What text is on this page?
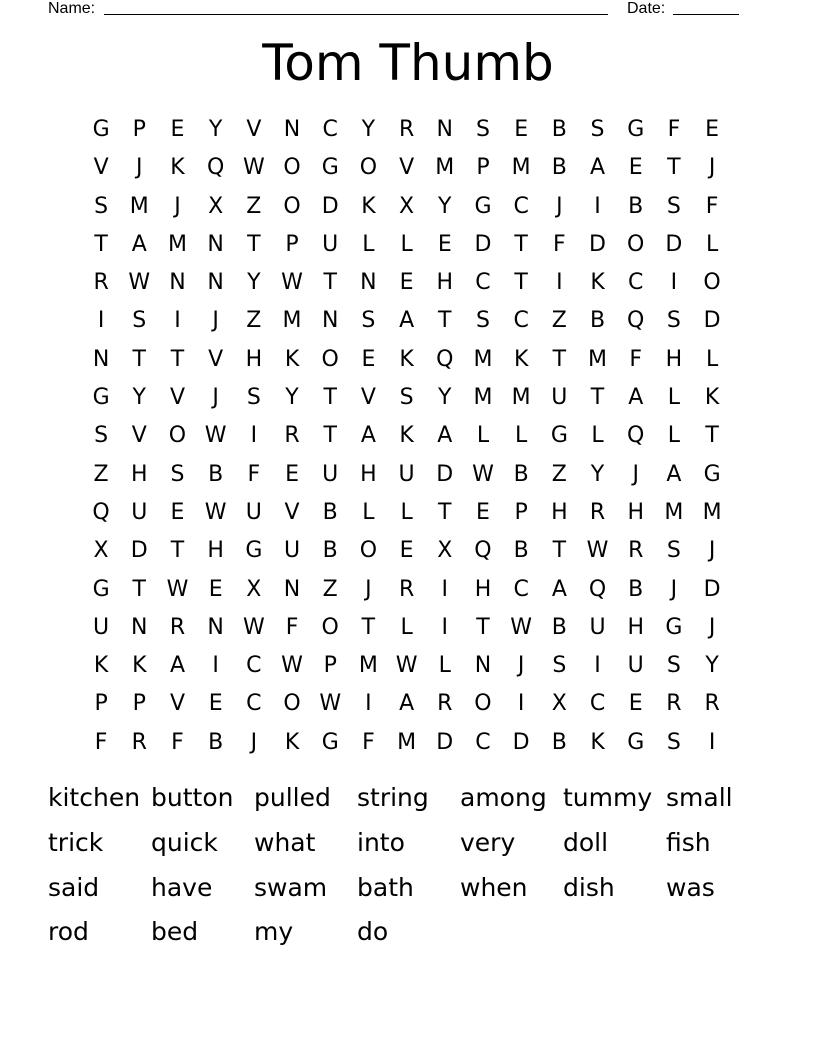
Name:	Date:
Tom Thumb
G	P	E	Y	V	N	C	Y	R	N	S	E	B	S	G	F	E
V	J	K	Q W O G O	V M	P	M B	A	E	T	J
S M	J	X	Z O D	K	X	Y	G C	J	I	B	S	F
T	A M N	T	P	U	L	L	E	D	T	F	D O D	L
R W N N	Y W T	N	E	H	C	T	I	K	C	I	O
I	S	I	J	Z M N	S	A	T	S	C	Z	B Q	S	D
N	T	T	V	H	K	O	E	K	Q M K	T M	F	H	L
G	Y	V	J	S	Y	T	V	S	Y M M U	T	A	L	K
S	V O W	I	R	T	A	K	A	L	L	G	L	Q	L	T
Z	H	S	B	F	E	U H U D W B	Z	Y	J	A	G
Q U	E W U	V	B	L	L	T	E	P	H	R	H M M
X	D	T	H G U	B O	E	X Q B	T W R	S	J
G	T W E	X	N	Z	J	R	I	H	C	A Q B	J	D
U N	R	N W F	O	T	L	I	T W B	U H G	J
K	K	A	I	C W P	M W L	N	J	S	I	U	S	Y
P	P	V	E	C O W	I	A	R O	I	X	C	E	R	R
F	R	F	B	J	K	G	F	M D	C	D	B	K	G	S	I
kitchen button pulled	string	among tummy small
trick	quick	what	into	very	doll	fish
said	have	swam	bath	when	dish	was
rod	bed	my	do
